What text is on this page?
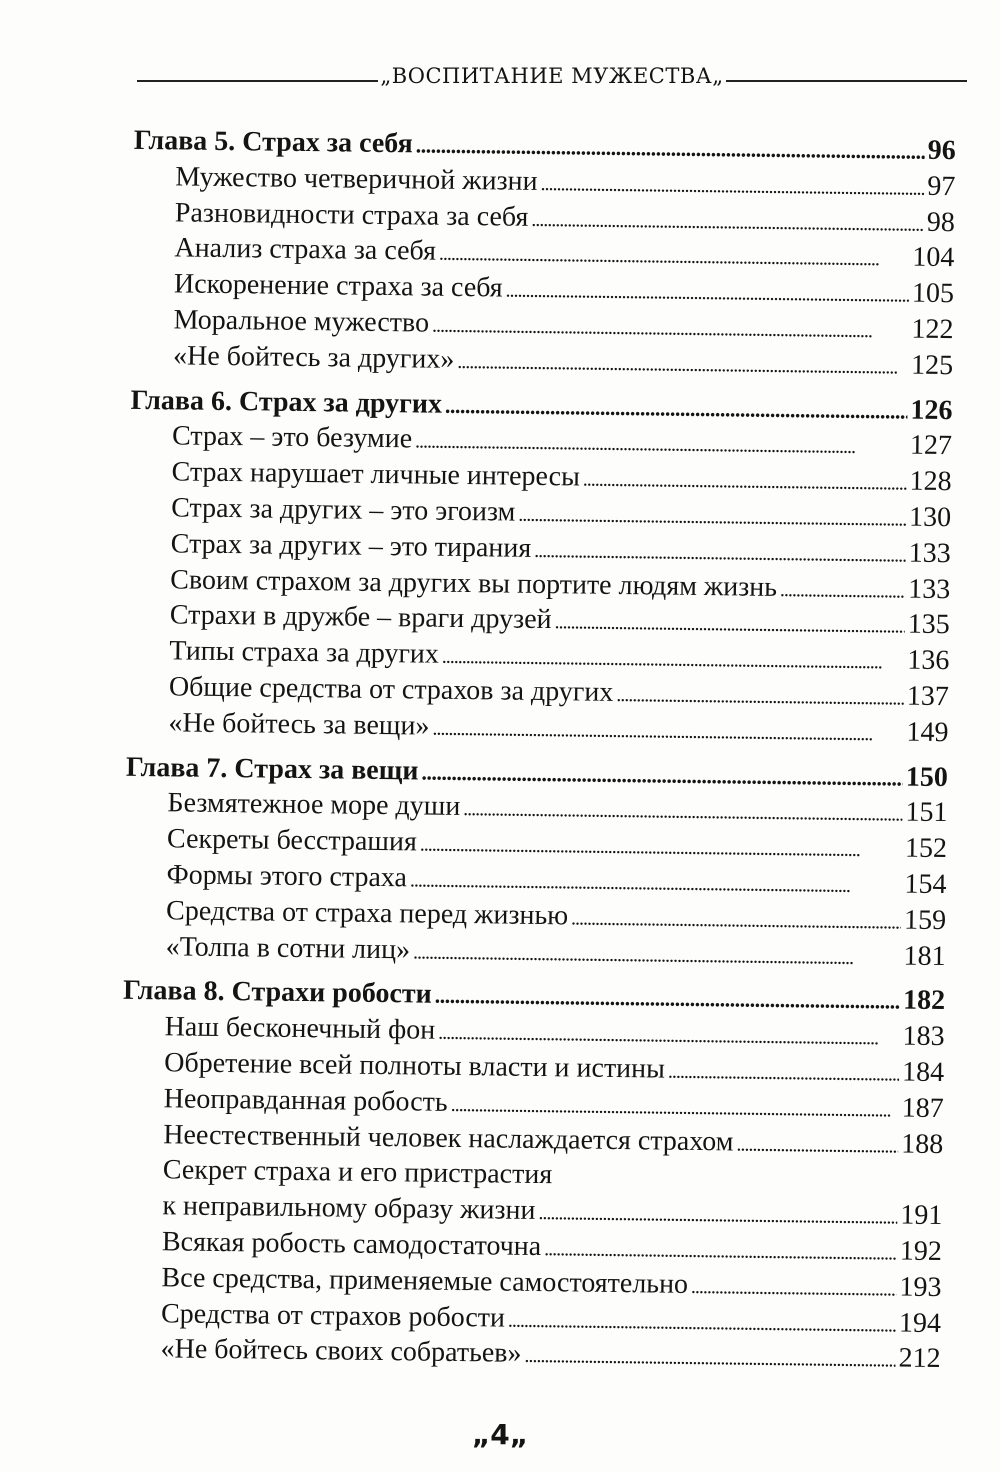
„ВОСПИТАНИЕ МУЖЕСТВА„
Глава 5. Страх за себя . . .	96
Мужество четверичной жизни . . .	97
Разновидности страха за себя . . .	98
Анализ страха за себя . . .	104
Искоренение страха за себя . . .	105
Моральное мужество . . .	122
«Не бойтесь за других» . . .	125
Глава 6. Страх за других . . .	126
Страх – это безумие . . .	127
Страх нарушает личные интересы . . .	128
Страх за других – это эгоизм . . .	130
Страх за других – это тирания . . .	133
Своим страхом за других вы портите людям жизнь . . .	133
Страхи в дружбе – враги друзей . . .	135
Типы страха за других . . .	136
Общие средства от страхов за других . . .	137
«Не бойтесь за вещи» . . .	149
Глава 7. Страх за вещи . . .	150
Безмятежное море души . . .	151
Секреты бесстрашия . . .	152
Формы этого страха . . .	154
Средства от страха перед жизнью . . .	159
«Толпа в сотни лиц» . . .	181
Глава 8. Страхи робости . . .	182
Наш бесконечный фон . . .	183
Обретение всей полноты власти и истины . . .	184
Неоправданная робость . . .	187
Неестественный человек наслаждается страхом . . .	188
Секрет страха и его пристрастия
к неправильному образу жизни . . .	191
Всякая робость самодостаточна . . .	192
Все средства, применяемые самостоятельно . . .	193
Средства от страхов робости . . .	194
«Не бойтесь своих собратьев» . . .	212
„4„
